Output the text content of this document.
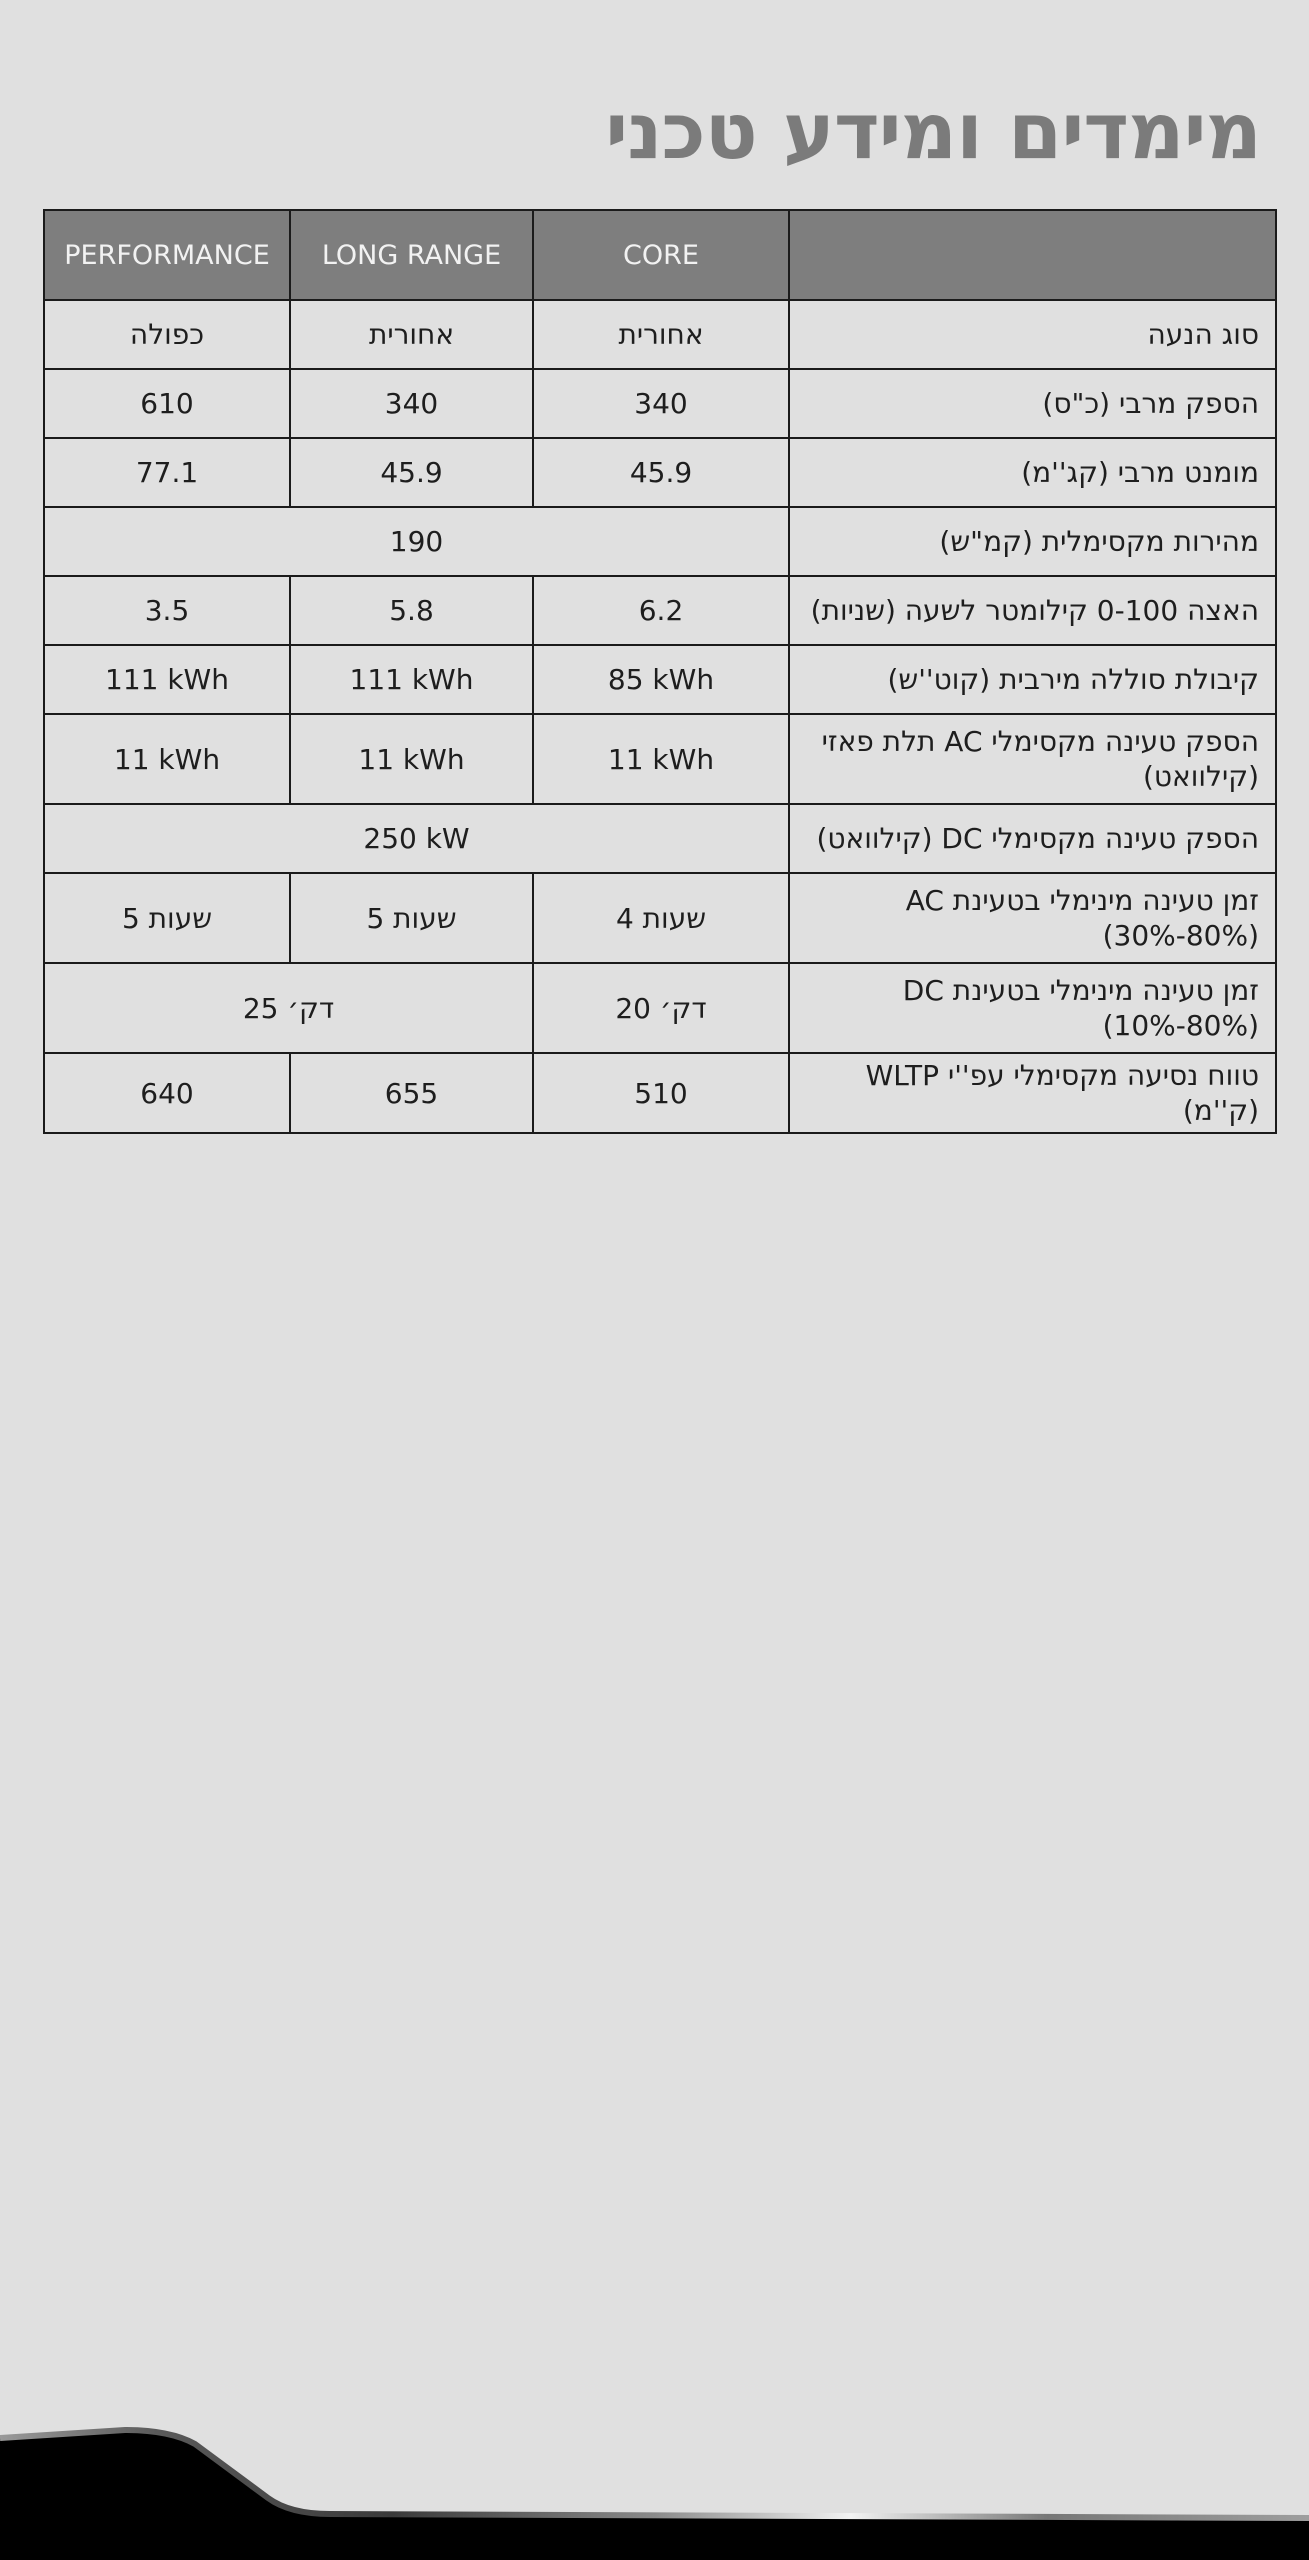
מימדים ומידע טכני
PERFORMANCE	LONG RANGE	CORE	
כפולה	אחורית	אחורית	סוג הנעה
610	340	340	הספק מרבי (כ"ס)
77.1	45.9	45.9	מומנט מרבי (קג''מ)
190			מהירות מקסימלית (קמ"ש)
3.5	5.8	6.2	האצה 0-100 קילומטר לשעה (שניות)
111 kWh	111 kWh	85 kWh	קיבולת סוללה מירבית (קוט''ש)
11 kWh	11 kWh	11 kWh	הספק טעינה מקסימלי AC תלת פאזי (קילוואט)
250 kW			הספק טעינה מקסימלי DC (קילוואט)
5 שעות	5 שעות	4 שעות	זמן טעינה מינימלי בטעינת AC (30%-80%)
25 דק׳		20 דק׳	זמן טעינה מינימלי בטעינת DC (10%-80%)
640	655	510	טווח נסיעה מקסימלי עפ''י WLTP (ק''מ)
